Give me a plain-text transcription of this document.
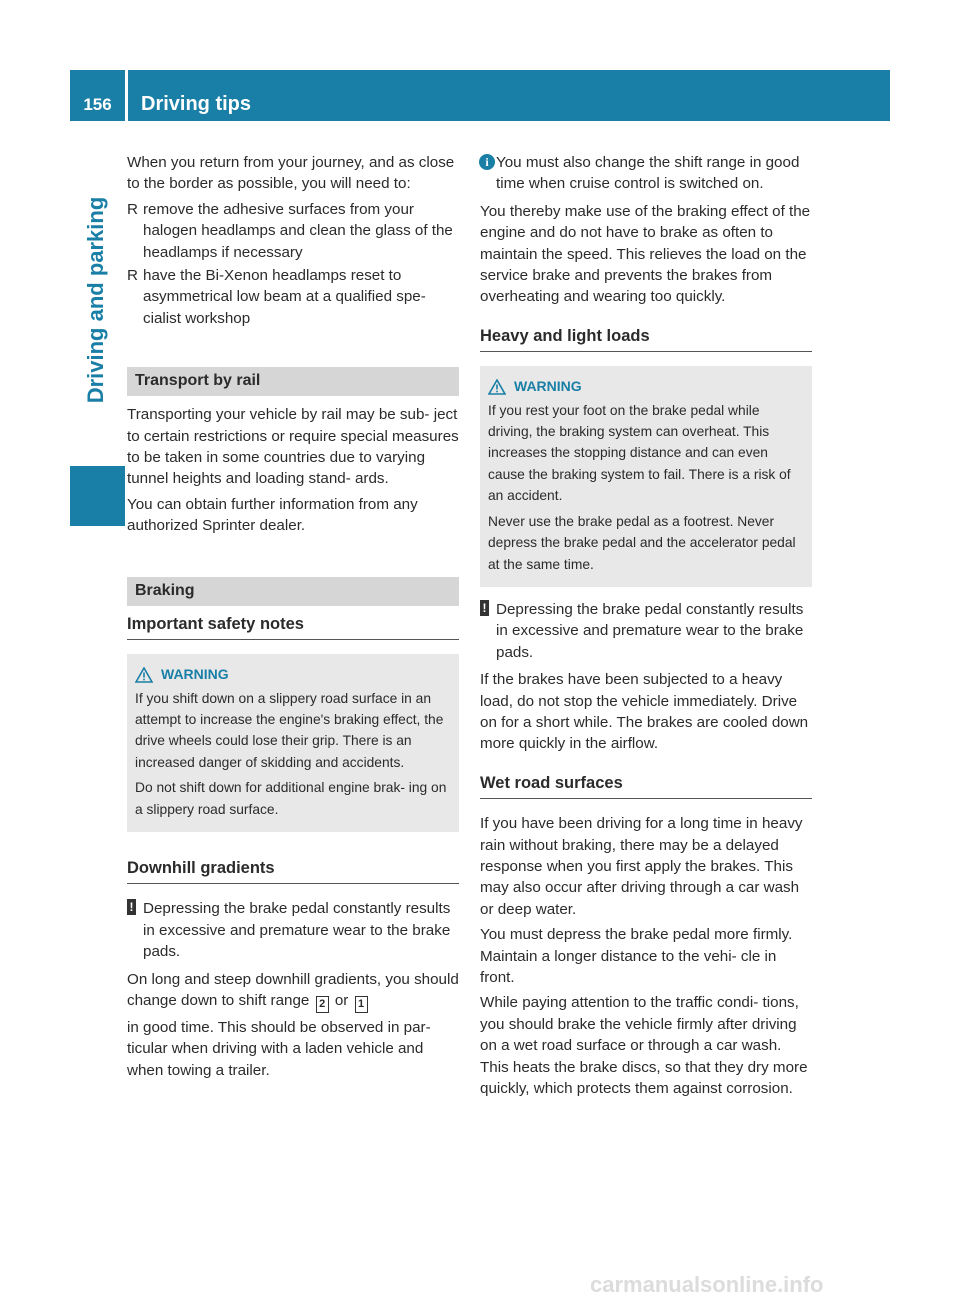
156	Driving tips
Driving and parking

When you return from your journey, and as close to the border as possible, you will need to:

R remove the adhesive surfaces from your halogen headlamps and clean the glass of the headlamps if necessary
R have the Bi-Xenon headlamps reset to asymmetrical low beam at a qualified spe- cialist workshop
Transport by rail

Transporting your vehicle by rail may be sub- ject to certain restrictions or require special measures to be taken in some countries due to varying tunnel heights and loading stand- ards.

You can obtain further information from any authorized Sprinter dealer.

Braking
Important safety notes
WARNING

If you shift down on a slippery road surface in an attempt to increase the engine's braking effect, the drive wheels could lose their grip. There is an increased danger of skidding and accidents.

Do not shift down for additional engine brak- ing on a slippery road surface.

Downhill gradients
! Depressing the brake pedal constantly results in excessive and premature wear to the brake pads.

On long and steep downhill gradients, you should change down to shift range 2 or 1

in good time. This should be observed in par- ticular when driving with a laden vehicle and when towing a trailer.

i You must also change the shift range in good time when cruise control is switched on.

You thereby make use of the braking effect of the engine and do not have to brake as often to maintain the speed. This relieves the load on the service brake and prevents the brakes from overheating and wearing too quickly.

Heavy and light loads
WARNING

If you rest your foot on the brake pedal while driving, the braking system can overheat. This increases the stopping distance and can even cause the braking system to fail. There is a risk of an accident.

Never use the brake pedal as a footrest. Never depress the brake pedal and the accelerator pedal at the same time.

! Depressing the brake pedal constantly results in excessive and premature wear to the brake pads.

If the brakes have been subjected to a heavy load, do not stop the vehicle immediately. Drive on for a short while. The brakes are cooled down more quickly in the airflow.

Wet road surfaces

If you have been driving for a long time in heavy rain without braking, there may be a delayed response when you first apply the brakes. This may also occur after driving through a car wash or deep water.

You must depress the brake pedal more firmly. Maintain a longer distance to the vehi- cle in front.

While paying attention to the traffic condi- tions, you should brake the vehicle firmly after driving on a wet road surface or through a car wash. This heats the brake discs, so that they dry more quickly, which protects them against corrosion.

carmanualsonline.info
